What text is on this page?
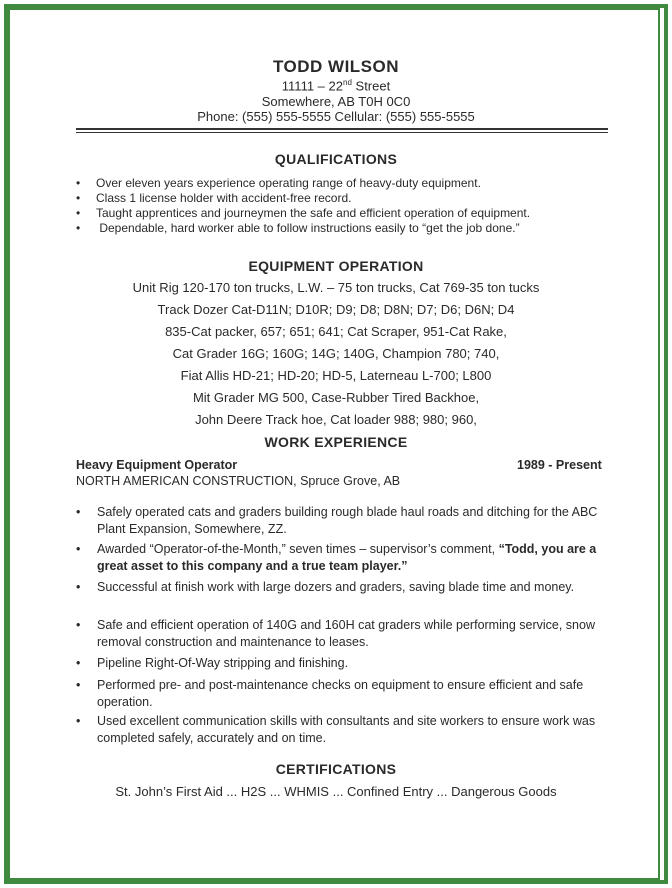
TODD WILSON
11111 – 22nd Street
Somewhere, AB T0H 0C0
Phone: (555) 555-5555 Cellular: (555) 555-5555
QUALIFICATIONS
• Over eleven years experience operating range of heavy-duty equipment.
• Class 1 license holder with accident-free record.
• Taught apprentices and journeymen the safe and efficient operation of equipment.
• Dependable, hard worker able to follow instructions easily to “get the job done.”
EQUIPMENT OPERATION
Unit Rig 120-170 ton trucks, L.W. – 75 ton trucks, Cat 769-35 ton tucks
Track Dozer Cat-D11N; D10R; D9; D8; D8N; D7; D6; D6N; D4
835-Cat packer, 657; 651; 641; Cat Scraper, 951-Cat Rake,
Cat Grader 16G; 160G; 14G; 140G, Champion 780; 740,
Fiat Allis HD-21; HD-20; HD-5, Laterneau L-700; L800
Mit Grader MG 500, Case-Rubber Tired Backhoe,
John Deere Track hoe, Cat loader 988; 980; 960,
WORK EXPERIENCE
Heavy Equipment Operator	1989 - Present
NORTH AMERICAN CONSTRUCTION, Spruce Grove, AB
• Safely operated cats and graders building rough blade haul roads and ditching for the ABC Plant Expansion, Somewhere, ZZ.
• Awarded “Operator-of-the-Month,” seven times – supervisor’s comment, “Todd, you are a great asset to this company and a true team player.”
• Successful at finish work with large dozers and graders, saving blade time and money.
• Safe and efficient operation of 140G and 160H cat graders while performing service, snow removal construction and maintenance to leases.
• Pipeline Right-Of-Way stripping and finishing.
• Performed pre- and post-maintenance checks on equipment to ensure efficient and safe operation.
• Used excellent communication skills with consultants and site workers to ensure work was completed safely, accurately and on time.
CERTIFICATIONS
St. John’s First Aid ... H2S ... WHMIS ... Confined Entry ... Dangerous Goods
